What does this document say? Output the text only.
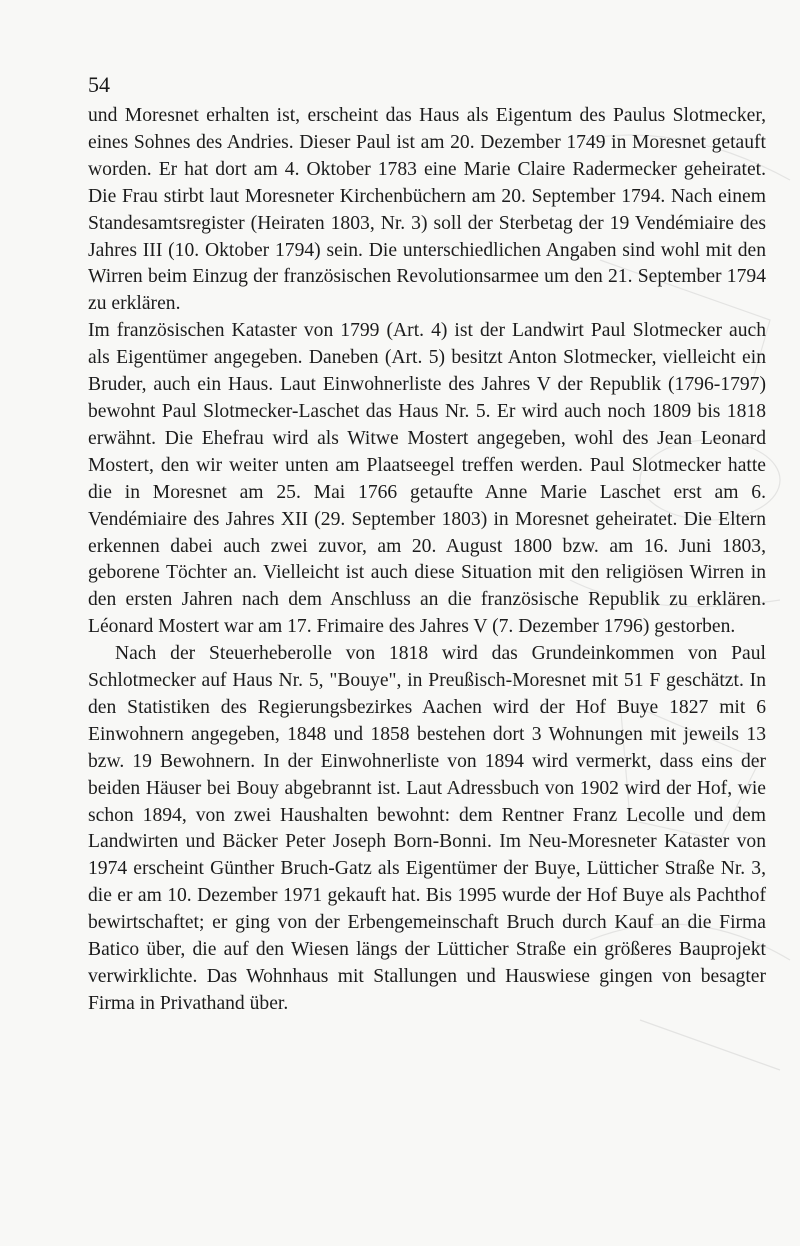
54

und Moresnet erhalten ist, erscheint das Haus als Eigentum des Paulus Slotmecker, eines Sohnes des Andries. Dieser Paul ist am 20. Dezember 1749 in Moresnet getauft worden. Er hat dort am 4. Oktober 1783 eine Marie Claire Radermecker geheiratet. Die Frau stirbt laut Moresneter Kirchenbüchern am 20. September 1794. Nach einem Standesamtsregister (Heiraten 1803, Nr. 3) soll der Sterbetag der 19 Vendémiaire des Jahres III (10. Oktober 1794) sein. Die unterschiedlichen Angaben sind wohl mit den Wirren beim Einzug der französischen Revolutionsarmee um den 21. September 1794 zu erklären.

Im französischen Kataster von 1799 (Art. 4) ist der Landwirt Paul Slotmecker auch als Eigentümer angegeben. Daneben (Art. 5) besitzt Anton Slotmecker, vielleicht ein Bruder, auch ein Haus. Laut Einwohnerliste des Jahres V der Republik (1796-1797) bewohnt Paul Slotmecker-Laschet das Haus Nr. 5. Er wird auch noch 1809 bis 1818 erwähnt. Die Ehefrau wird als Witwe Mostert angegeben, wohl des Jean Leonard Mostert, den wir weiter unten am Plaatseegel treffen werden. Paul Slotmecker hatte die in Moresnet am 25. Mai 1766 getaufte Anne Marie Laschet erst am 6. Vendémiaire des Jahres XII (29. September 1803) in Moresnet geheiratet. Die Eltern erkennen dabei auch zwei zuvor, am 20. August 1800 bzw. am 16. Juni 1803, geborene Töchter an. Vielleicht ist auch diese Situation mit den religiösen Wirren in den ersten Jahren nach dem Anschluss an die französische Republik zu erklären. Léonard Mostert war am 17. Frimaire des Jahres V (7. Dezember 1796) gestorben.

Nach der Steuerheberolle von 1818 wird das Grundeinkommen von Paul Schlotmecker auf Haus Nr. 5, "Bouye", in Preußisch-Moresnet mit 51 F geschätzt. In den Statistiken des Regierungsbezirkes Aachen wird der Hof Buye 1827 mit 6 Einwohnern angegeben, 1848 und 1858 bestehen dort 3 Wohnungen mit jeweils 13 bzw. 19 Bewohnern. In der Einwohnerliste von 1894 wird vermerkt, dass eins der beiden Häuser bei Bouy abgebrannt ist. Laut Adressbuch von 1902 wird der Hof, wie schon 1894, von zwei Haushalten bewohnt: dem Rentner Franz Lecolle und dem Landwirten und Bäcker Peter Joseph Born-Bonni. Im Neu-Moresneter Kataster von 1974 erscheint Günther Bruch-Gatz als Eigentümer der Buye, Lütticher Straße Nr. 3, die er am 10. Dezember 1971 gekauft hat. Bis 1995 wurde der Hof Buye als Pachthof bewirtschaftet; er ging von der Erbengemeinschaft Bruch durch Kauf an die Firma Batico über, die auf den Wiesen längs der Lütticher Straße ein größeres Bauprojekt verwirklichte. Das Wohnhaus mit Stallungen und Hauswiese gingen von besagter Firma in Privathand über.
